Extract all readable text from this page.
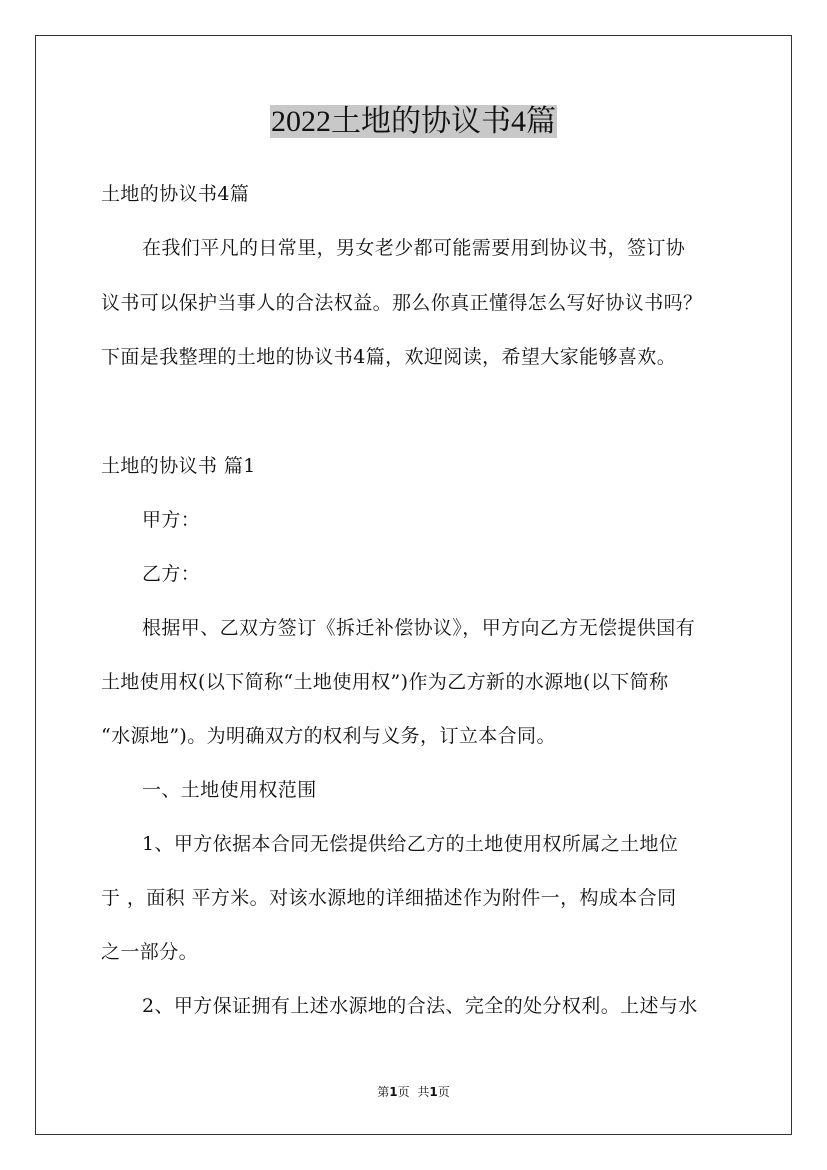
2022土地的协议书4篇
土地的协议书4篇
在我们平凡的日常里，男女老少都可能需要用到协议书，签订协
议书可以保护当事人的合法权益。那么你真正懂得怎么写好协议书吗？
下面是我整理的土地的协议书4篇，欢迎阅读，希望大家能够喜欢。
土地的协议书 篇1
甲方：
乙方：
根据甲、乙双方签订《拆迁补偿协议》，甲方向乙方无偿提供国有
土地使用权(以下简称“土地使用权”)作为乙方新的水源地(以下简称
“水源地”)。为明确双方的权利与义务，订立本合同。
一、土地使用权范围
1、甲方依据本合同无偿提供给乙方的土地使用权所属之土地位
于 ，面积 平方米。对该水源地的详细描述作为附件一，构成本合同
之一部分。
2、甲方保证拥有上述水源地的合法、完全的处分权利。上述与水
第1页 共1页
